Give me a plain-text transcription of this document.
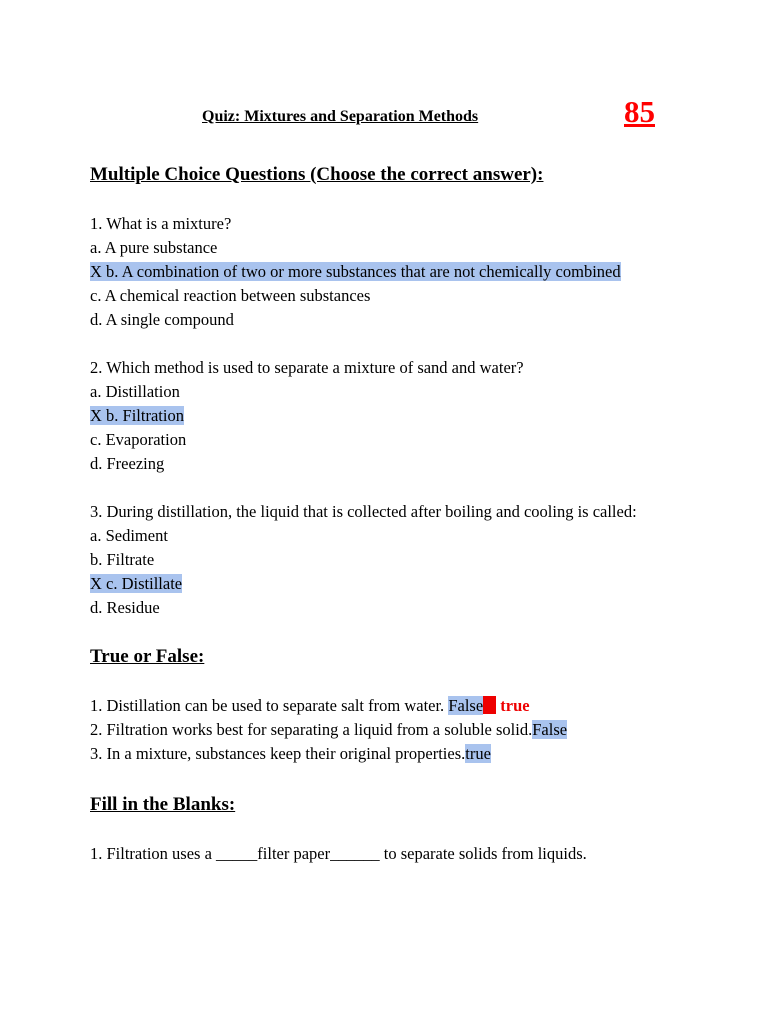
Quiz: Mixtures and Separation Methods	85
Multiple Choice Questions (Choose the correct answer):
1. What is a mixture?
a. A pure substance
X b. A combination of two or more substances that are not chemically combined
c. A chemical reaction between substances
d. A single compound
2. Which method is used to separate a mixture of sand and water?
a. Distillation
X b. Filtration
c. Evaporation
d. Freezing
3. During distillation, the liquid that is collected after boiling and cooling is called:
a. Sediment
b. Filtrate
X c. Distillate
d. Residue
True or False:
1. Distillation can be used to separate salt from water. False true
2. Filtration works best for separating a liquid from a soluble solid.False
3. In a mixture, substances keep their original properties.true
Fill in the Blanks:
1. Filtration uses a _____filter paper______ to separate solids from liquids.
